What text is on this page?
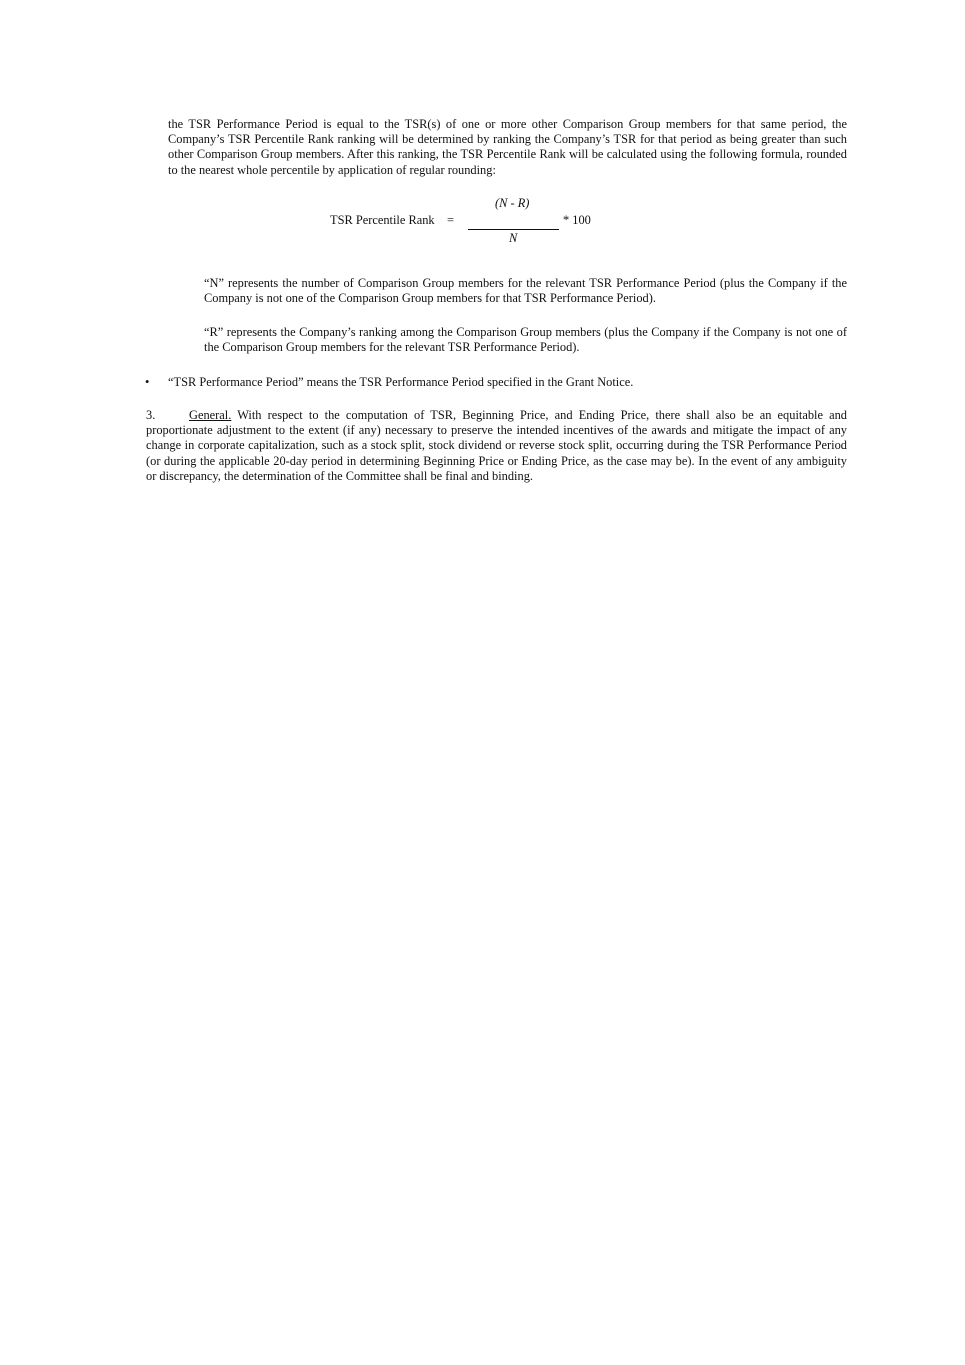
the TSR Performance Period is equal to the TSR(s) of one or more other Comparison Group members for that same period, the Company’s TSR Percentile Rank ranking will be determined by ranking the Company’s TSR for that period as being greater than such other Comparison Group members. After this ranking, the TSR Percentile Rank will be calculated using the following formula, rounded to the nearest whole percentile by application of regular rounding:
TSR Percentile Rank =
(N - R)
* 100
N
“N” represents the number of Comparison Group members for the relevant TSR Performance Period (plus the Company if the Company is not one of the Comparison Group members for that TSR Performance Period).
“R” represents the Company’s ranking among the Comparison Group members (plus the Company if the Company is not one of the Comparison Group members for the relevant TSR Performance Period).
• “TSR Performance Period” means the TSR Performance Period specified in the Grant Notice.
3.	General. With respect to the computation of TSR, Beginning Price, and Ending Price, there shall also be an equitable and proportionate adjustment to the extent (if any) necessary to preserve the intended incentives of the awards and mitigate the impact of any change in corporate capitalization, such as a stock split, stock dividend or reverse stock split, occurring during the TSR Performance Period (or during the applicable 20-day period in determining Beginning Price or Ending Price, as the case may be). In the event of any ambiguity or discrepancy, the determination of the Committee shall be final and binding.
